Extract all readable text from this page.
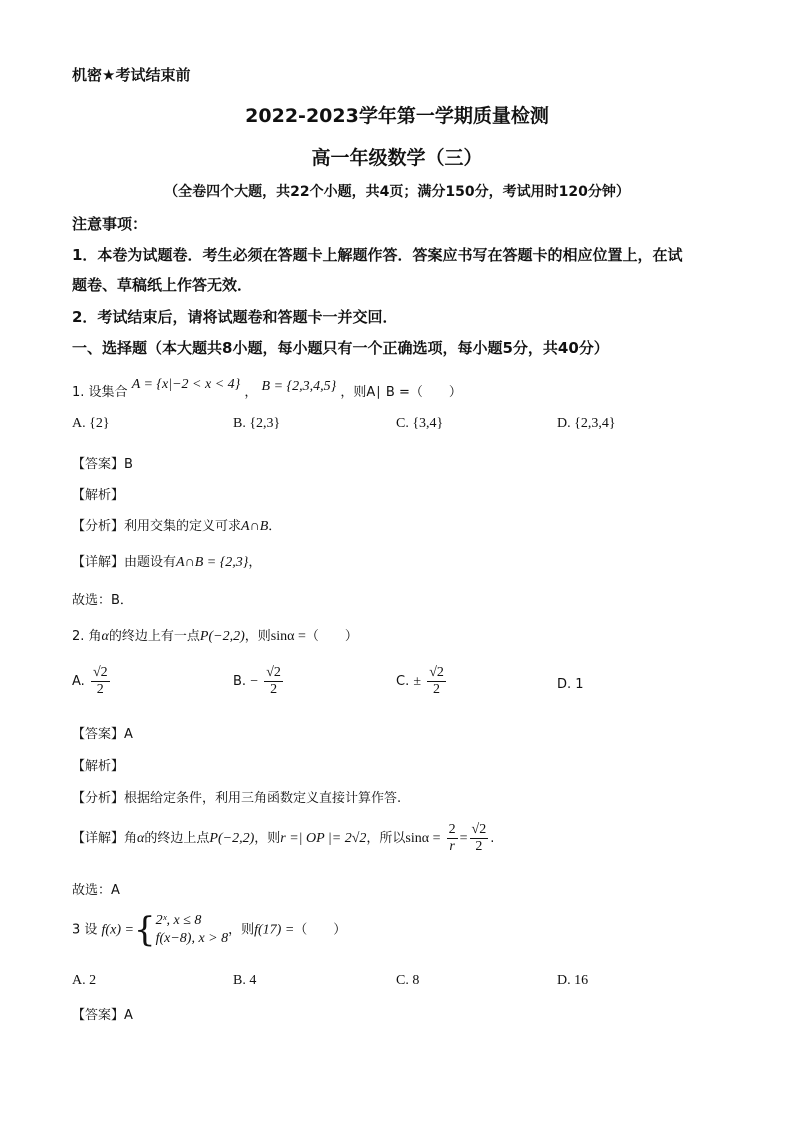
机密★考试结束前
2022-2023学年第一学期质量检测
高一年级数学（三）
（全卷四个大题，共22个小题，共4页；满分150分，考试用时120分钟）
注意事项：
1．本卷为试题卷．考生必须在答题卡上解题作答．答案应书写在答题卡的相应位置上，在试
题卷、草稿纸上作答无效．
2．考试结束后，请将试题卷和答题卡一并交回．
一、选择题（本大题共8小题，每小题只有一个正确选项，每小题5分，共40分）
1. 设集合 A = {x|−2 < x < 4} ， B = {2,3,4,5} ，则A∣ B =（　　）
A. {2}	B. {2,3}	C. {3,4}	D. {2,3,4}
【答案】B
【解析】
【分析】利用交集的定义可求A∩B．
【详解】由题设有A∩B = {2,3}，
故选：B．
2. 角α的终边上有一点P(−2,2)，则sinα =（　　）
A. $\frac{√2}{2}$	B. − $\frac{√2}{2}$	C. ± $\frac{√2}{2}$	D. 1
【答案】A
【解析】
【分析】根据给定条件，利用三角函数定义直接计算作答.
【详解】角α的终边上点P(−2,2)，则r =| OP |= 2√2，所以$\sin\alpha = \frac{2}{r} = \frac{√2}{2}$ .
故选：A
3 设 f(x) ={ 2ˣ, x ≤ 8
f(x−8), x > 8
，则f(17) =（　　）
A. 2	B. 4	C. 8	D. 16
【答案】A
